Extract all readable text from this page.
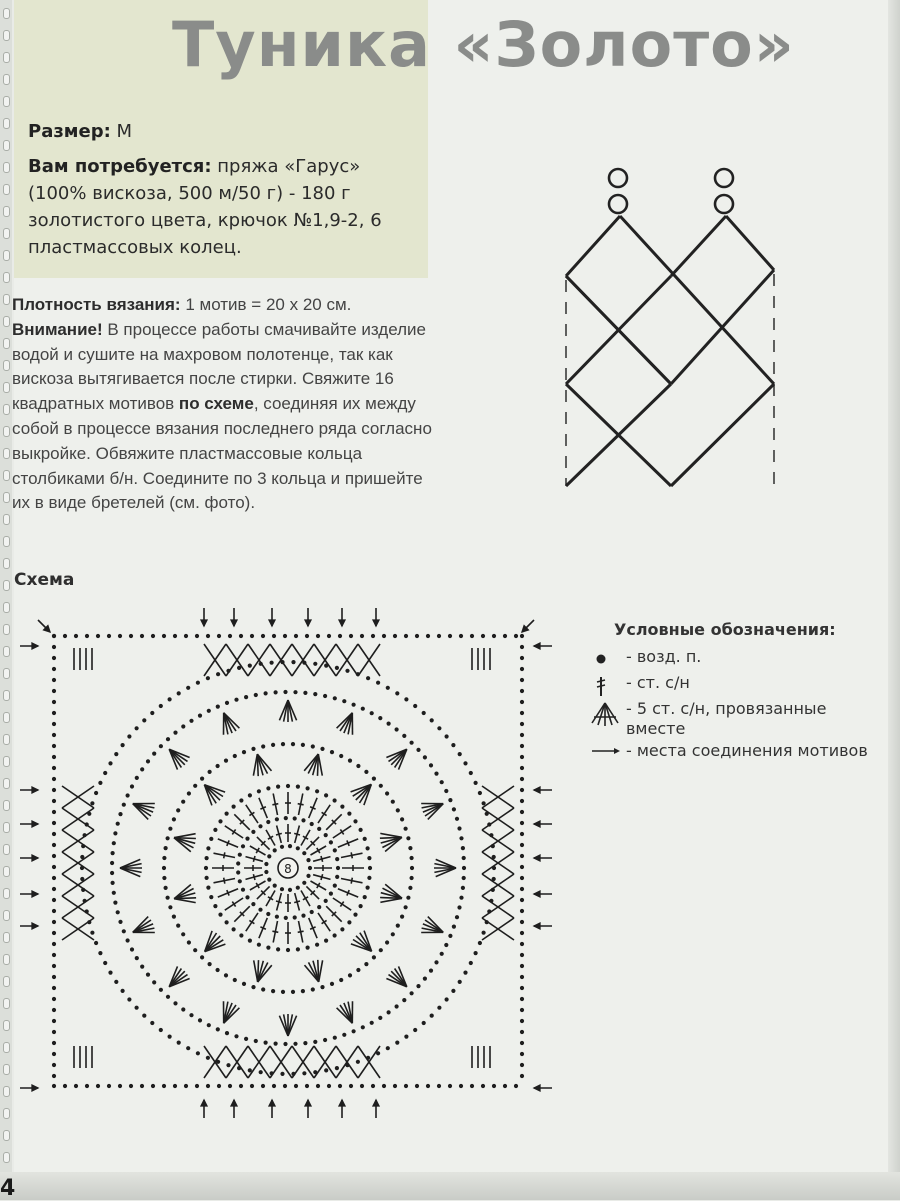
4
Туника «Золото»

Размер: М

Вам потребуется: пряжа «Гарус» (100% вискоза, 500 м/50 г) - 180 г золотистого цвета, крючок №1,9-2, 6 пластмассовых колец.

Плотность вязания: 1 мотив = 20 х 20 см. Внимание! В процессе работы смачивайте изделие водой и сушите на махровом полотенце, так как вискоза вытягивается после стирки. Свяжите 16 квадратных мотивов по схеме, соединяя их между собой в процессе вязания последнего ряда согласно выкройке. Обвяжите пластмассовые кольца столбиками б/н. Соедините по 3 кольца и пришейте их в виде бретелей (см. фото).
Схема
8
Условные обозначения:
- возд. п.
- ст. с/н
- 5 ст. с/н, провязанные вместе
- места соединения мотивов
